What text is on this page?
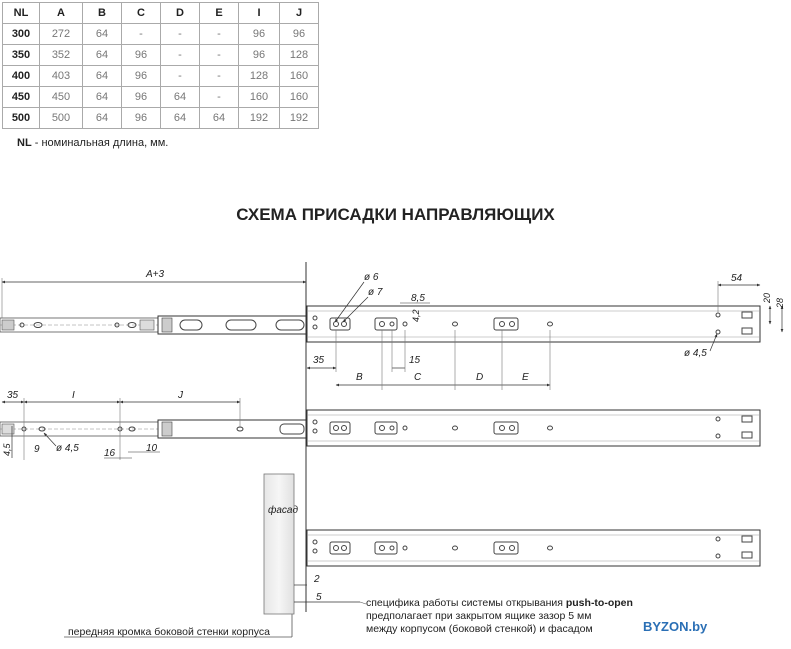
NL	A	B	C	D	E	I	J
300	272	64	-	-	-	96	96
350	352	64	96	-	-	96	128
400	403	64	96	-	-	128	160
450	450	64	96	64	-	160	160
500	500	64	96	64	64	192	192
NL - номинальная длина, мм.
СХЕМА ПРИСАДКИ НАПРАВЛЯЮЩИХ
A+3	ø 6
ø 7
8,5
4,2
35	15
B	C	D	E
54
20 28
ø 4,5
35	I	J
4,5 9 ø 4,5	16	10
фасад
2
5	специфика работы системы открывания push-to-open
предполагает при закрытом ящике зазор 5 мм
между корпусом (боковой стенкой) и фасадом
передняя кромка боковой стенки корпуса	BYZON.by
